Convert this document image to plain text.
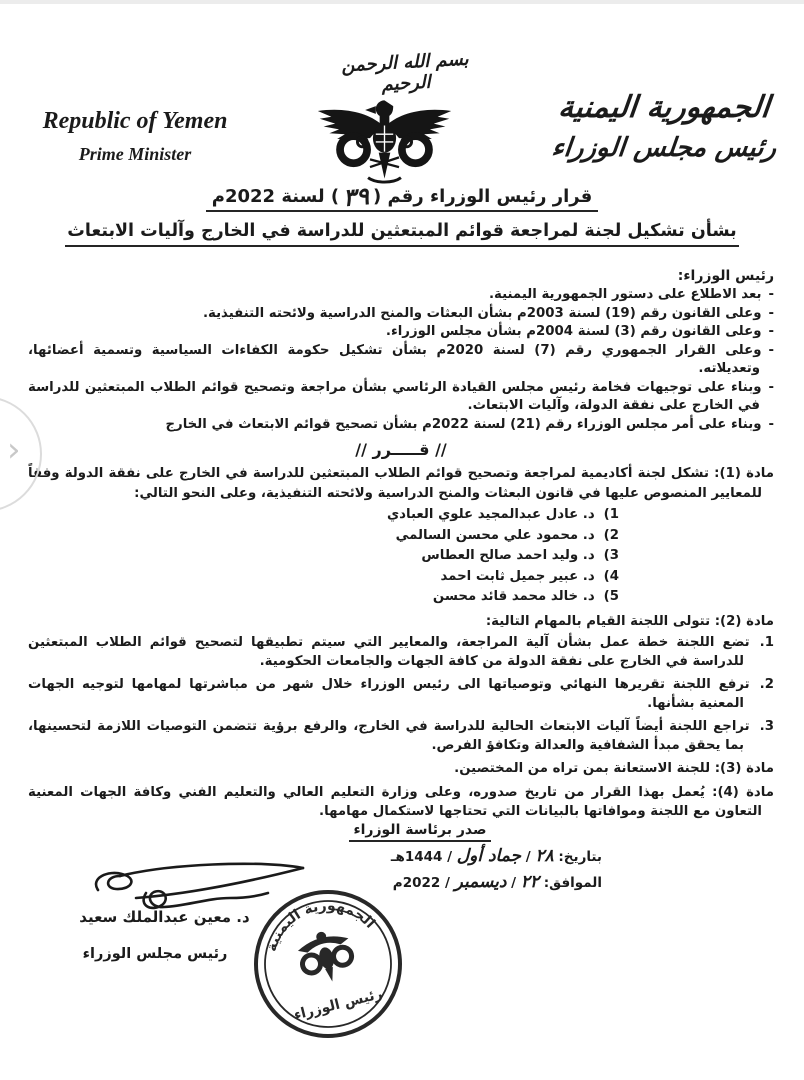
Republic of Yemen
Prime Minister
بسم الله الرحمن الرحيم
الجمهورية اليمنية
رئيس مجلس الوزراء
قرار رئيس الوزراء رقم (٣٩) لسنة 2022م
بشأن تشكيل لجنة لمراجعة قوائم المبتعثين للدراسة في الخارج وآليات الابتعاث
رئيس الوزراء:
-بعد الاطلاع على دستور الجمهورية اليمنية.
-وعلى القانون رقم (19) لسنة 2003م بشأن البعثات والمنح الدراسية ولائحته التنفيذية.
-وعلى القانون رقم (3) لسنة 2004م بشأن مجلس الوزراء.
-وعلى القرار الجمهوري رقم (7) لسنة 2020م بشأن تشكيل حكومة الكفاءات السياسية وتسمية أعضائها، وتعديلاته.
-وبناء على توجيهات فخامة رئيس مجلس القيادة الرئاسي بشأن مراجعة وتصحيح قوائم الطلاب المبتعثين للدراسة في الخارج على نفقة الدولة، وآليات الابتعاث.
-وبناء على أمر مجلس الوزراء رقم (21) لسنة 2022م بشأن تصحيح قوائم الابتعاث في الخارج
// قـــــرر //
مادة (1): تشكل لجنة أكاديمية لمراجعة وتصحيح قوائم الطلاب المبتعثين للدراسة في الخارج على نفقة الدولة وفقاً للمعايير المنصوص عليها في قانون البعثات والمنح الدراسية ولائحته التنفيذية، وعلى النحو التالي:
1)د. عادل عبدالمجيد علوي العبادي
2)د. محمود علي محسن السالمي
3)د. وليد احمد صالح العطاس
4)د. عبير جميل ثابت احمد
5)د. خالد محمد قائد محسن
مادة (2): تتولى اللجنة القيام بالمهام التالية:
1.تضع اللجنة خطة عمل بشأن آلية المراجعة، والمعايير التي سيتم تطبيقها لتصحيح قوائم الطلاب المبتعثين للدراسة في الخارج على نفقة الدولة من كافة الجهات والجامعات الحكومية.
2.ترفع اللجنة تقريرها النهائي وتوصياتها الى رئيس الوزراء خلال شهر من مباشرتها لمهامها لتوجيه الجهات المعنية بشأنها.
3.تراجع اللجنة أيضاً آليات الابتعاث الحالية للدراسة في الخارج، والرفع برؤية تتضمن التوصيات اللازمة لتحسينها، بما يحقق مبدأ الشفافية والعدالة وتكافؤ الفرص.
مادة (3): للجنة الاستعانة بمن تراه من المختصين.
مادة (4): يُعمل بهذا القرار من تاريخ صدوره، وعلى وزارة التعليم العالي والتعليم الفني وكافة الجهات المعنية التعاون مع اللجنة وموافاتها بالبيانات التي تحتاجها لاستكمال مهامها.
صدر برئاسة الوزراء
بتاريخ: ٢٨ / جماد أول / 1444هـ
الموافق: ٢٢ / ديسمبر / 2022م
د. معين عبدالملك سعيد
رئيس مجلس الوزراء	الجمهورية اليمنية
رئيس الوزراء
›
